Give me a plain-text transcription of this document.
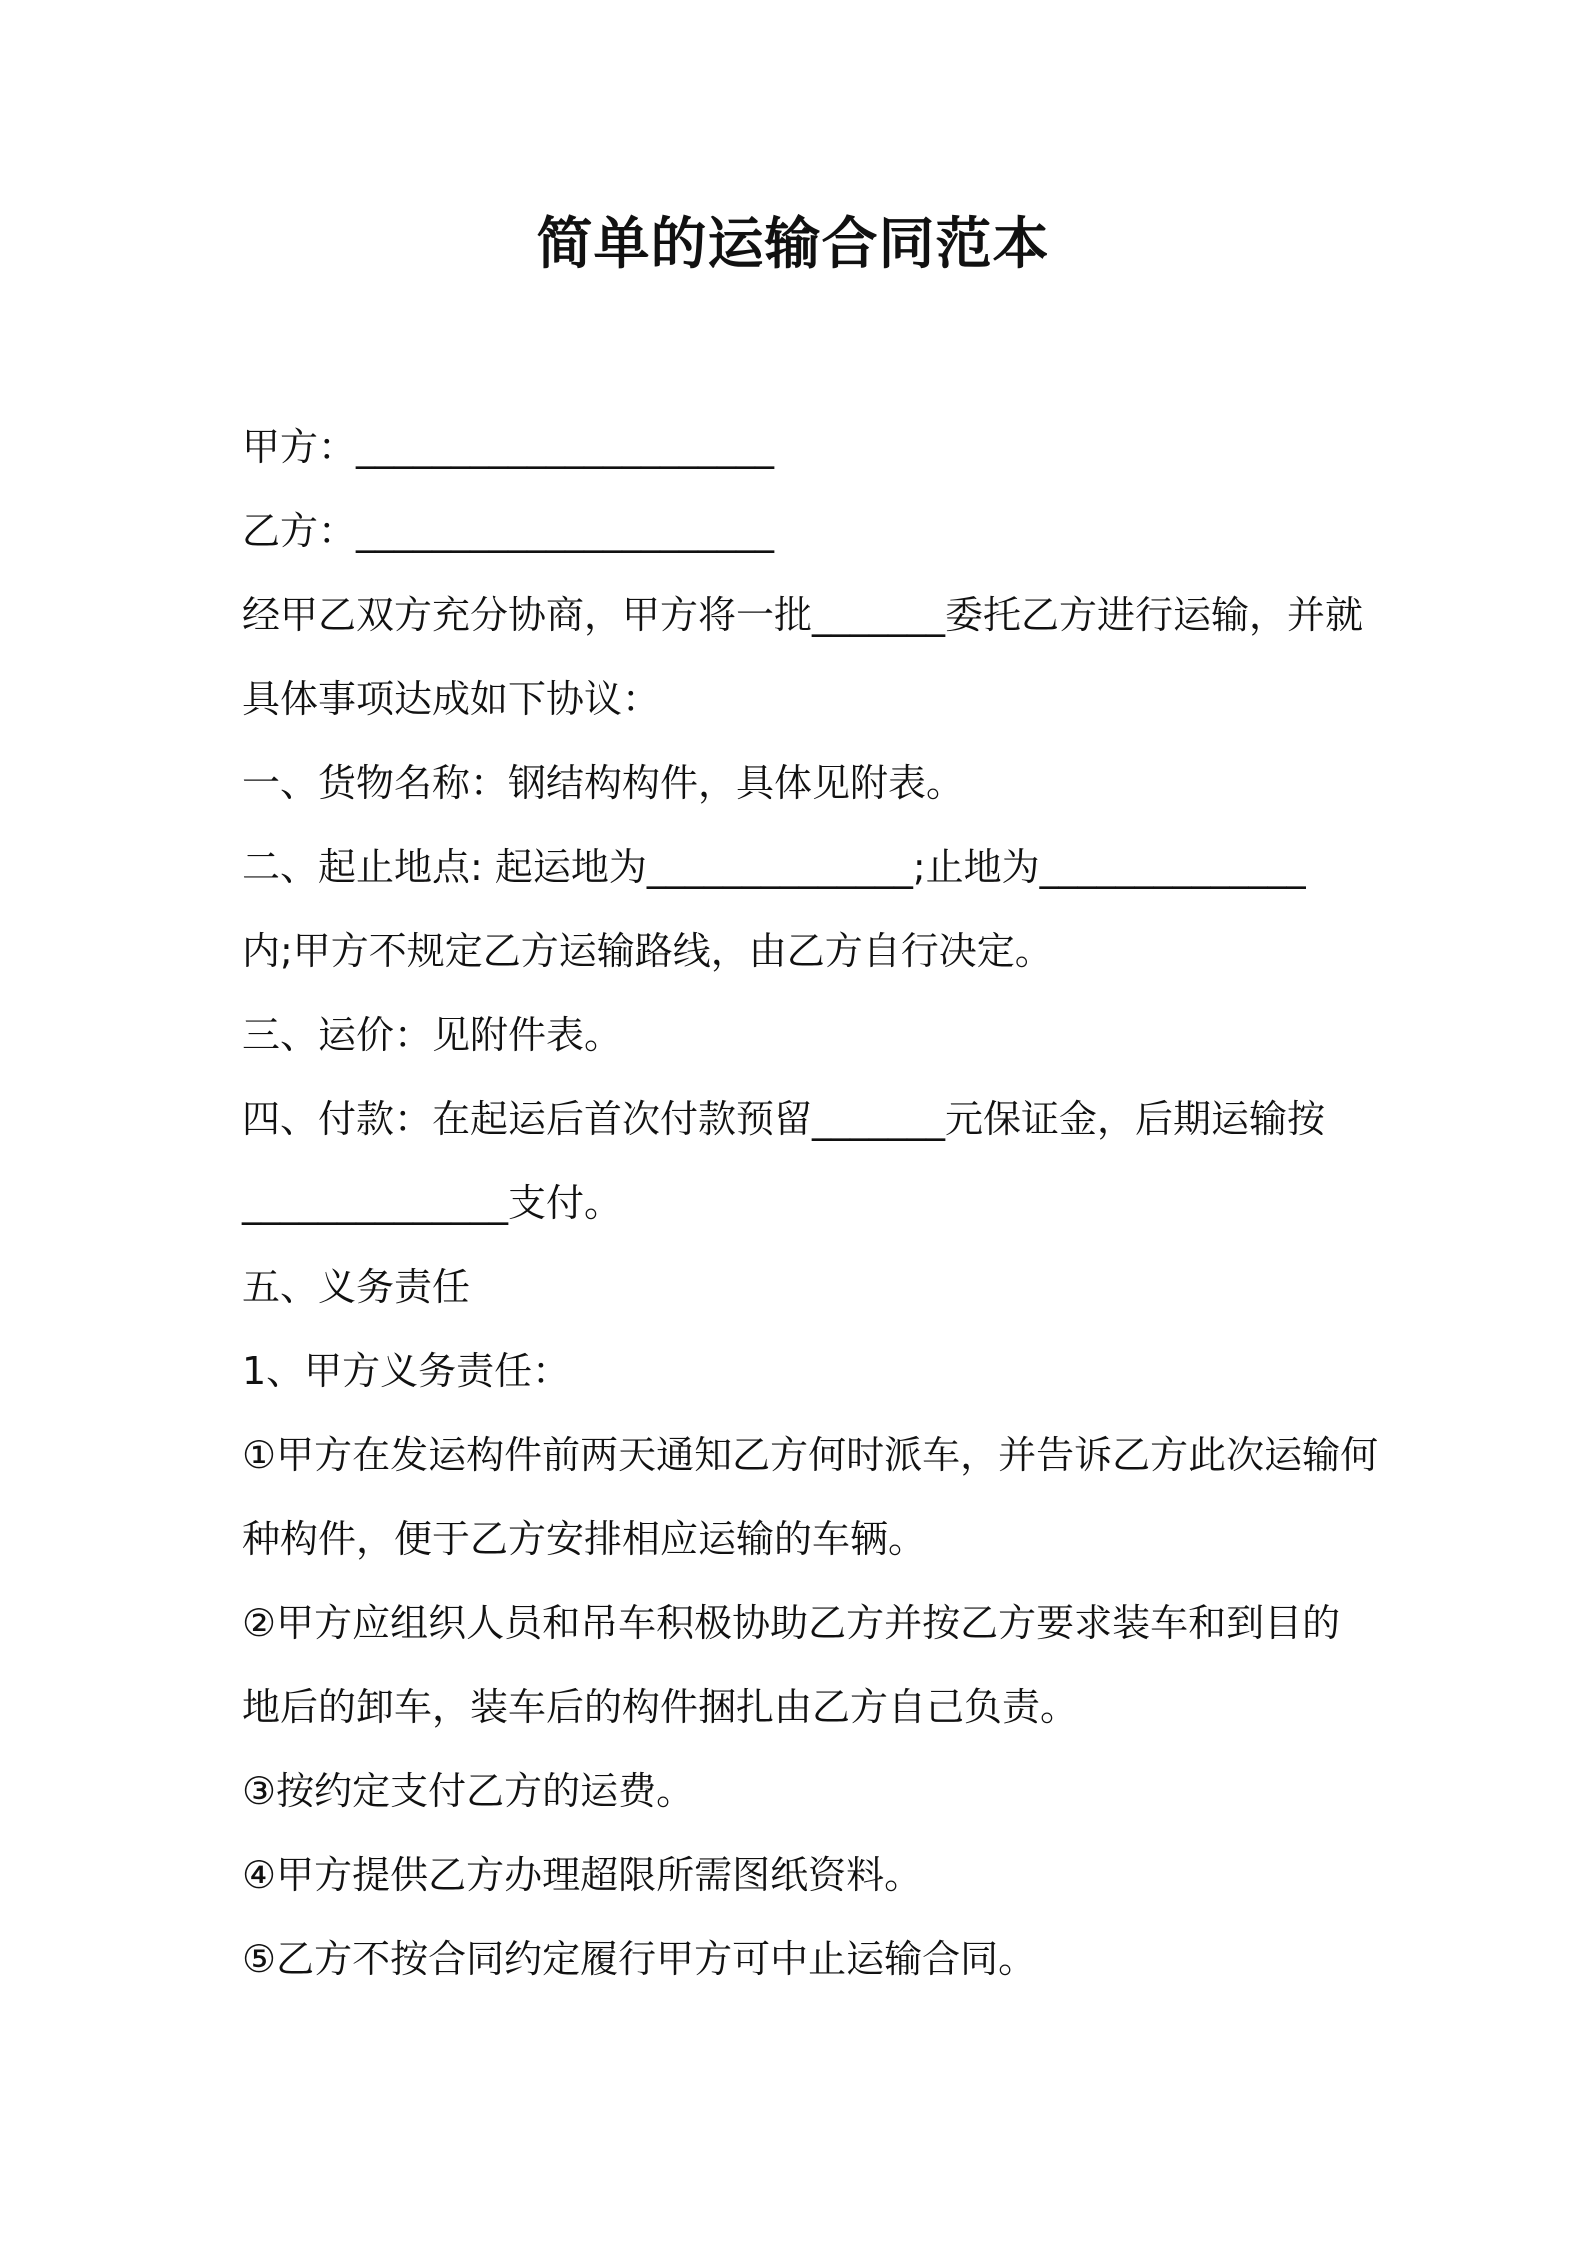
简单的运输合同范本
甲方：______________________
乙方：______________________
经甲乙双方充分协商，甲方将一批_______委托乙方进行运输，并就
具体事项达成如下协议：
一、货物名称：钢结构构件，具体见附表。
二、起止地点: 起运地为______________;止地为______________
内;甲方不规定乙方运输路线，由乙方自行决定。
三、运价：见附件表。
四、付款：在起运后首次付款预留_______元保证金，后期运输按
______________支付。
五、义务责任
1、甲方义务责任：
①甲方在发运构件前两天通知乙方何时派车，并告诉乙方此次运输何
种构件，便于乙方安排相应运输的车辆。
②甲方应组织人员和吊车积极协助乙方并按乙方要求装车和到目的
地后的卸车，装车后的构件捆扎由乙方自己负责。
③按约定支付乙方的运费。
④甲方提供乙方办理超限所需图纸资料。
⑤乙方不按合同约定履行甲方可中止运输合同。
